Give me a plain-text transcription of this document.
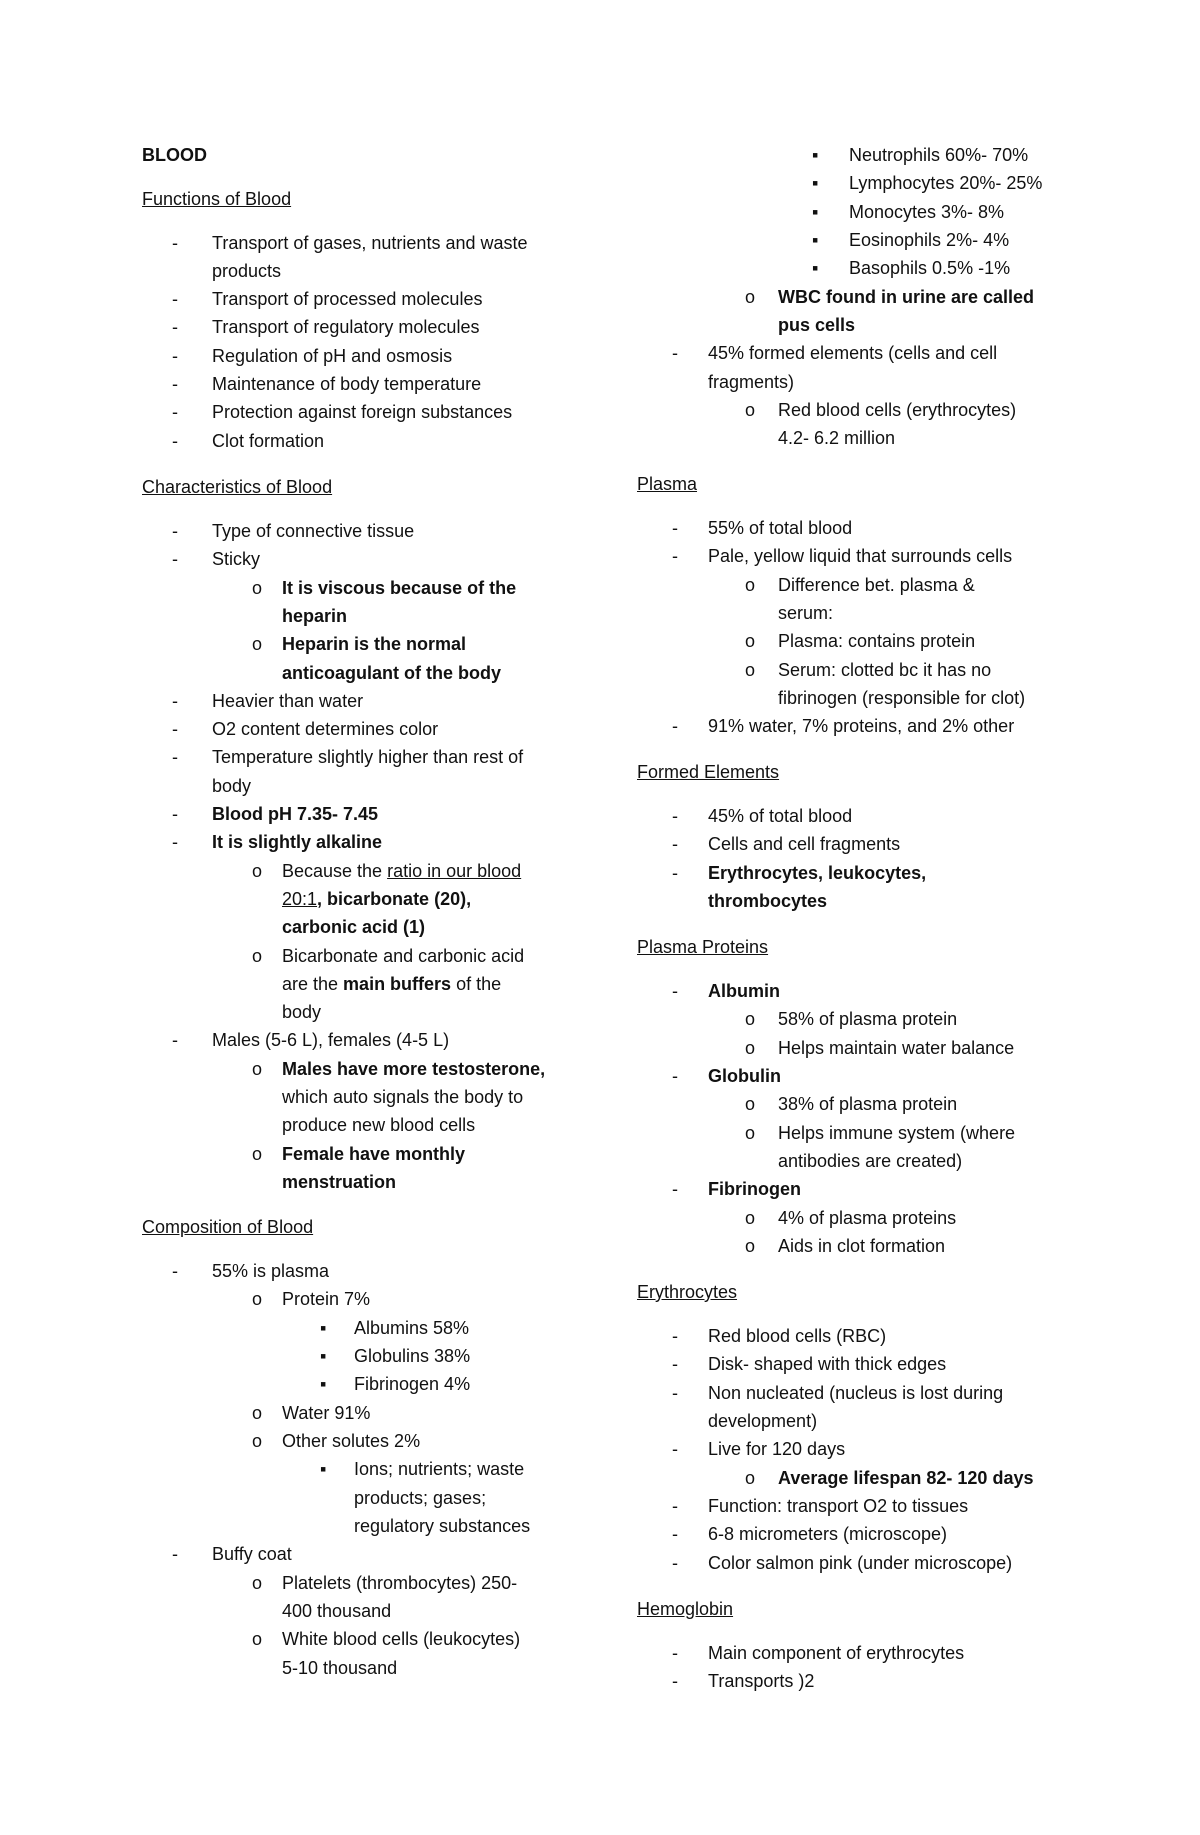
BLOOD
Functions of Blood
- Transport of gases, nutrients and waste
products
- Transport of processed molecules
- Transport of regulatory molecules
- Regulation of pH and osmosis
- Maintenance of body temperature
- Protection against foreign substances
- Clot formation
Characteristics of Blood
- Type of connective tissue
- Sticky
o It is viscous because of the
heparin
o Heparin is the normal
anticoagulant of the body
- Heavier than water
- O2 content determines color
- Temperature slightly higher than rest of
body
- Blood pH 7.35- 7.45
- It is slightly alkaline
o Because the ratio in our blood
20:1, bicarbonate (20),
carbonic acid (1)
o Bicarbonate and carbonic acid
are the main buffers of the
body
- Males (5-6 L), females (4-5 L)
o Males have more testosterone,
which auto signals the body to
produce new blood cells
o Female have monthly
menstruation
Composition of Blood
- 55% is plasma
o Protein 7%
▪ Albumins 58%
▪ Globulins 38%
▪ Fibrinogen 4%
o Water 91%
o Other solutes 2%
▪ Ions; nutrients; waste
products; gases;
regulatory substances
- Buffy coat
o Platelets (thrombocytes) 250-
400 thousand
o White blood cells (leukocytes)
5-10 thousand
▪ Neutrophils 60%- 70%
▪ Lymphocytes 20%- 25%
▪ Monocytes 3%- 8%
▪ Eosinophils 2%- 4%
▪ Basophils 0.5% -1%
o WBC found in urine are called
pus cells
- 45% formed elements (cells and cell
fragments)
o Red blood cells (erythrocytes)
4.2- 6.2 million
Plasma
- 55% of total blood
- Pale, yellow liquid that surrounds cells
o Difference bet. plasma &
serum:
o Plasma: contains protein
o Serum: clotted bc it has no
fibrinogen (responsible for clot)
- 91% water, 7% proteins, and 2% other
Formed Elements
- 45% of total blood
- Cells and cell fragments
- Erythrocytes, leukocytes,
thrombocytes
Plasma Proteins
- Albumin
o 58% of plasma protein
o Helps maintain water balance
- Globulin
o 38% of plasma protein
o Helps immune system (where
antibodies are created)
- Fibrinogen
o 4% of plasma proteins
o Aids in clot formation
Erythrocytes
- Red blood cells (RBC)
- Disk- shaped with thick edges
- Non nucleated (nucleus is lost during
development)
- Live for 120 days
o Average lifespan 82- 120 days
- Function: transport O2 to tissues
- 6-8 micrometers (microscope)
- Color salmon pink (under microscope)
Hemoglobin
- Main component of erythrocytes
- Transports )2
